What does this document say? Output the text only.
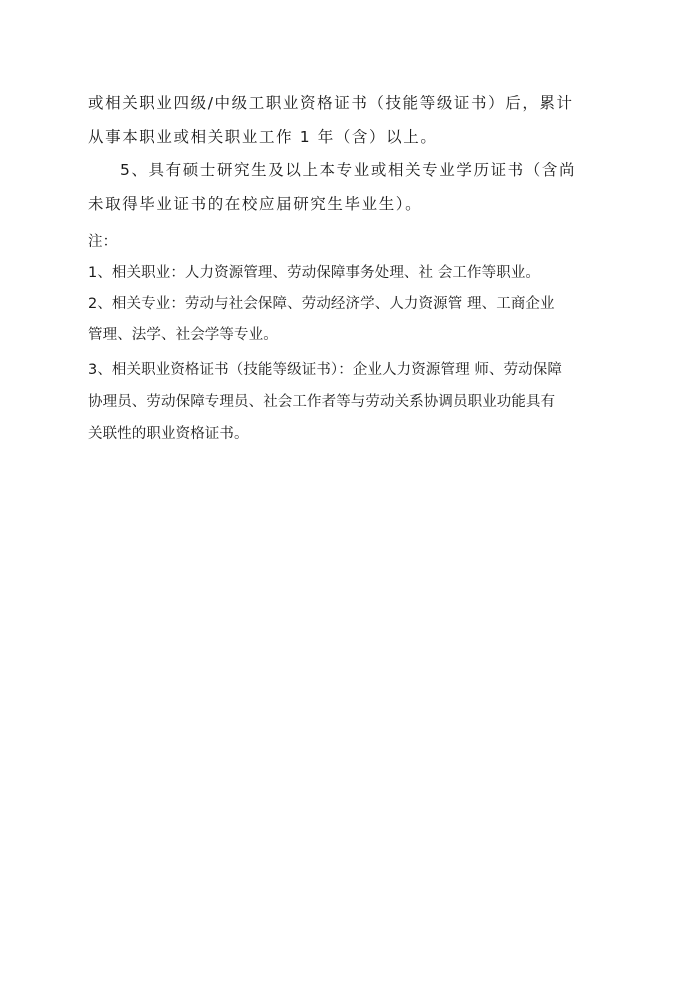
或相关职业四级/中级工职业资格证书（技能等级证书）后，累计
从事本职业或相关职业工作 1 年（含）以上。
5、具有硕士研究生及以上本专业或相关专业学历证书（含尚
未取得毕业证书的在校应届研究生毕业生）。
注：
1、相关职业：人力资源管理、劳动保障事务处理、社 会工作等职业。
2、相关专业：劳动与社会保障、劳动经济学、人力资源管 理、工商企业
管理、法学、社会学等专业。
3、相关职业资格证书（技能等级证书）：企业人力资源管理 师、劳动保障
协理员、劳动保障专理员、社会工作者等与劳动关系协调员职业功能具有
关联性的职业资格证书。
